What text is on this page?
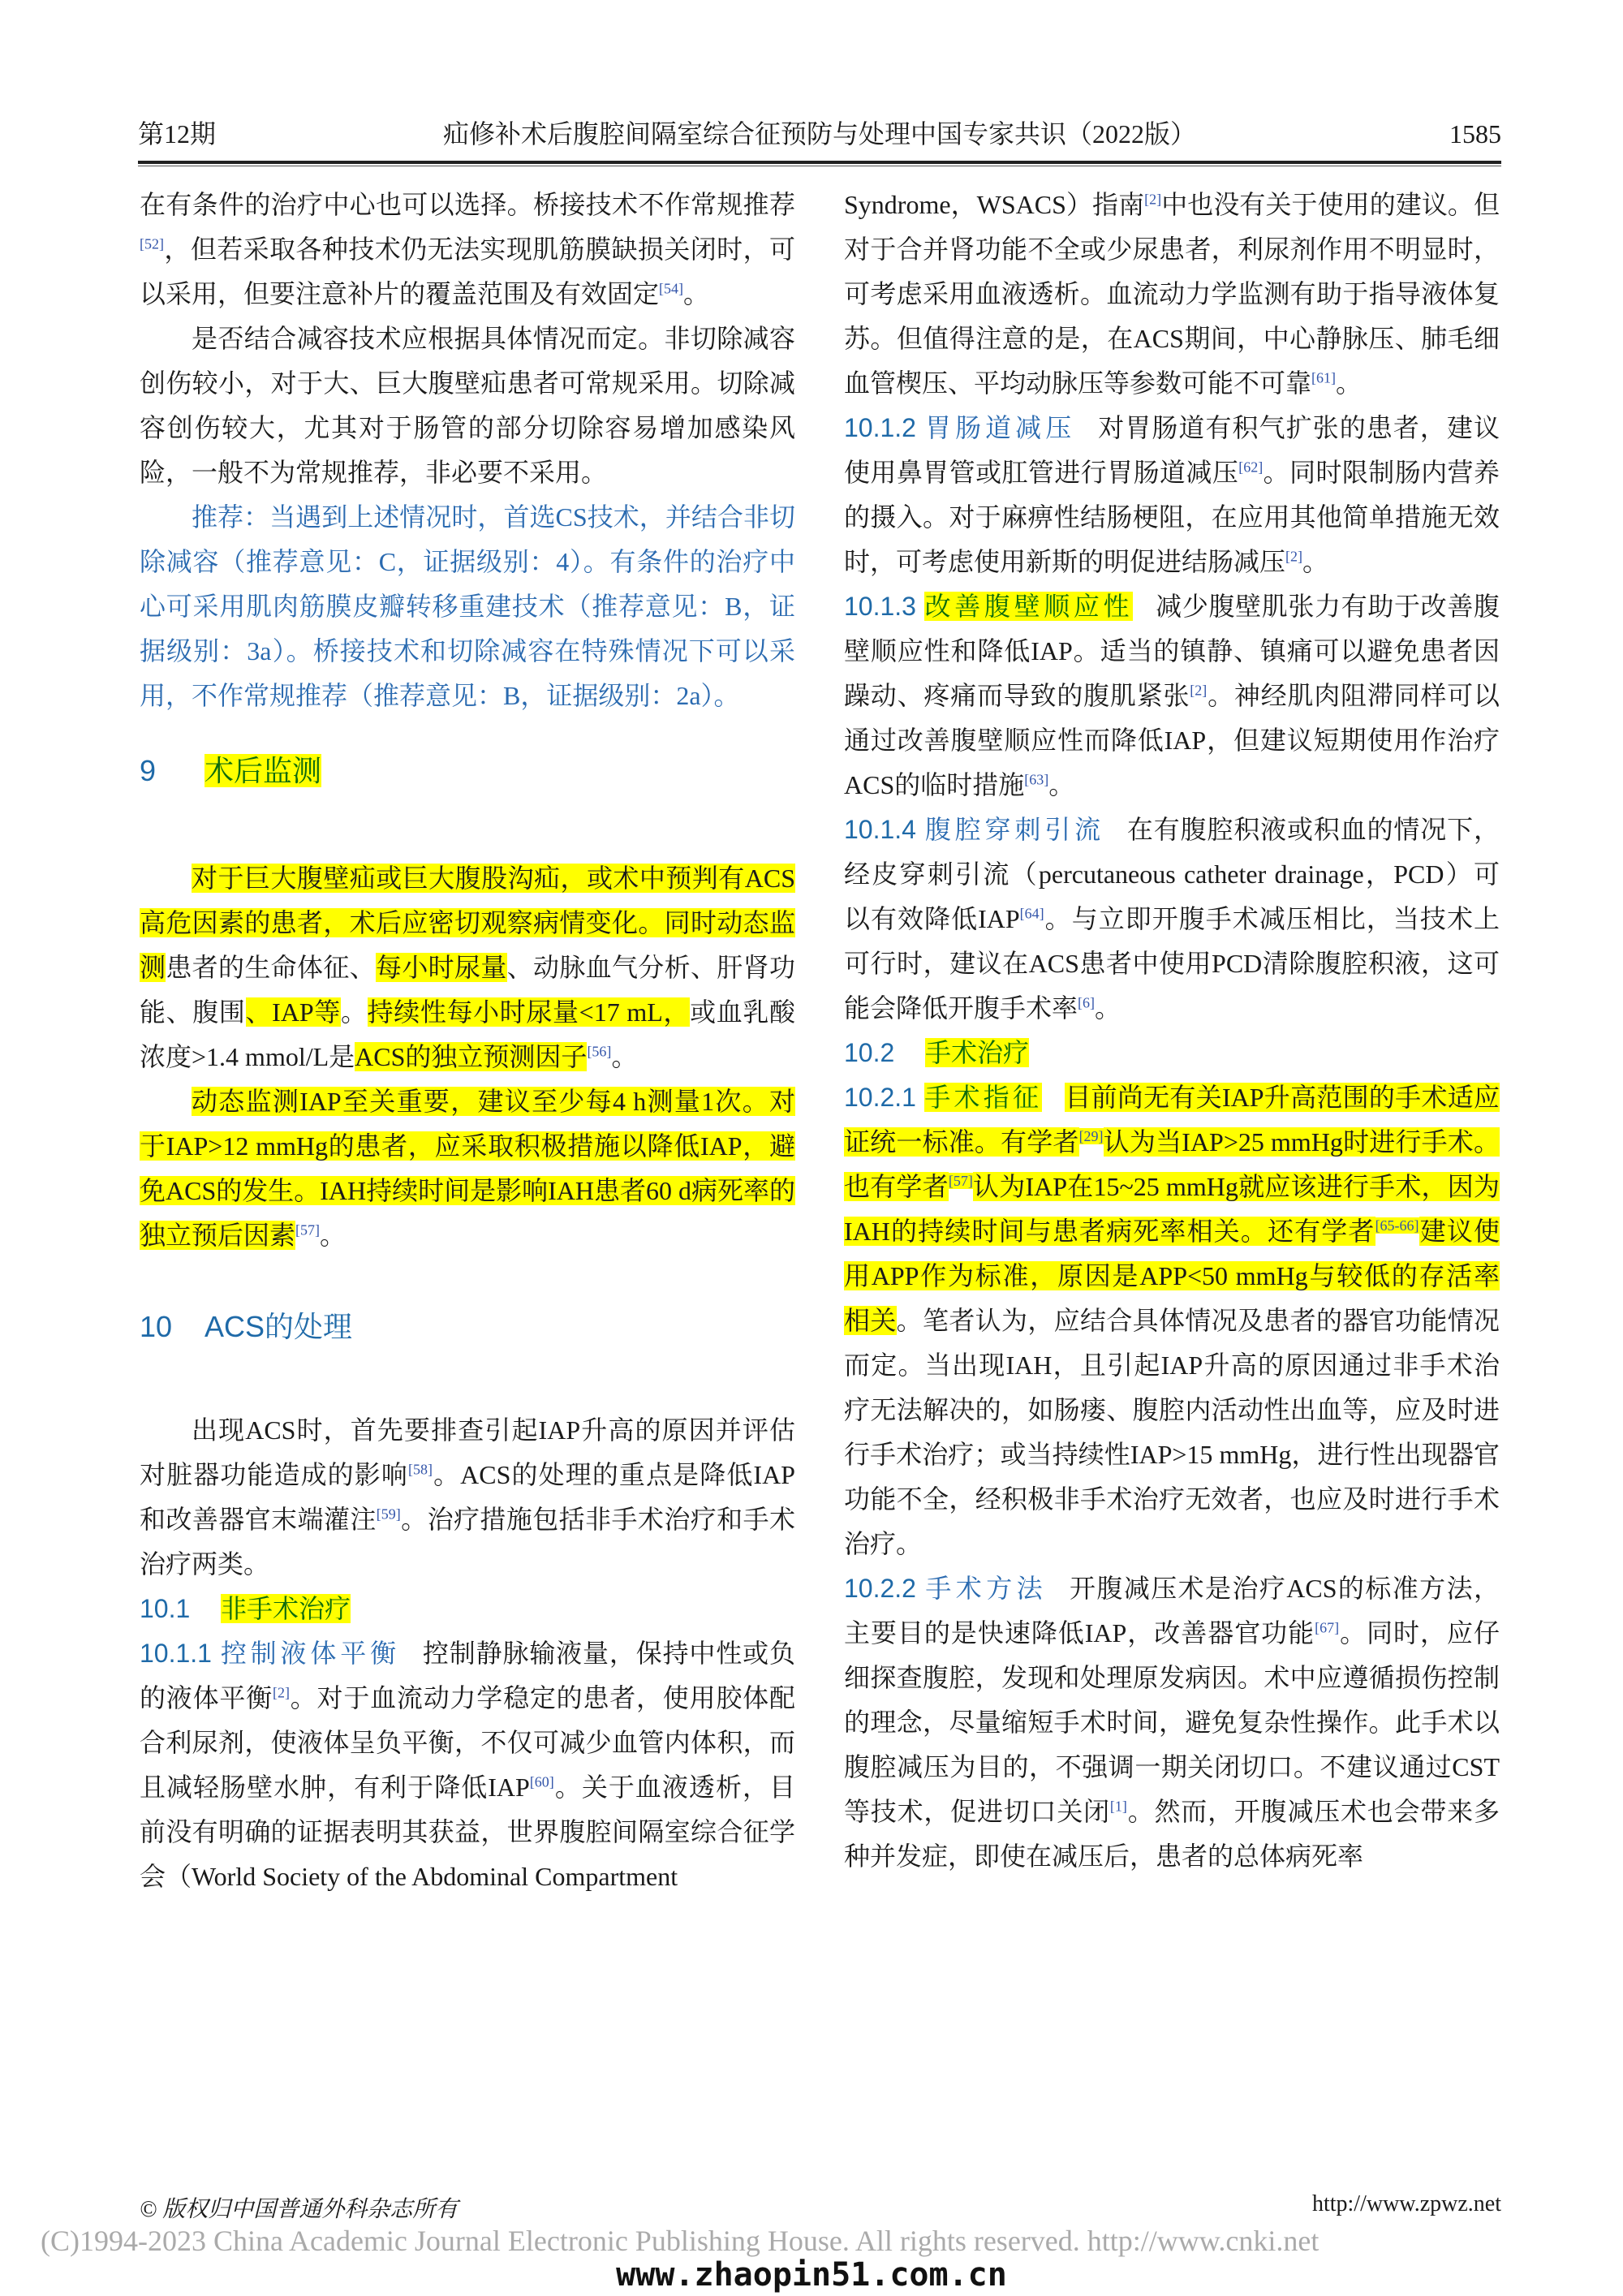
第12期	疝修补术后腹腔间隔室综合征预防与处理中国专家共识（2022版）	1585

在有条件的治疗中心也可以选择。桥接技术不作常规推荐[52]，但若采取各种技术仍无法实现肌筋膜缺损关闭时，可以采用，但要注意补片的覆盖范围及有效固定[54]。

是否结合减容技术应根据具体情况而定。非切除减容创伤较小，对于大、巨大腹壁疝患者可常规采用。切除减容创伤较大，尤其对于肠管的部分切除容易增加感染风险，一般不为常规推荐，非必要不采用。

推荐：当遇到上述情况时，首选CS技术，并结合非切除减容（推荐意见：C，证据级别：4）。有条件的治疗中心可采用肌肉筋膜皮瓣转移重建技术（推荐意见：B，证据级别：3a）。桥接技术和切除减容在特殊情况下可以采用，不作常规推荐（推荐意见：B，证据级别：2a）。

9 术后监测

对于巨大腹壁疝或巨大腹股沟疝，或术中预判有ACS高危因素的患者，术后应密切观察病情变化。同时动态监测患者的生命体征、每小时尿量、动脉血气分析、肝肾功能、腹围、IAP等。持续性每小时尿量<17 mL，或血乳酸浓度>1.4 mmol/L是ACS的独立预测因子[56]。

动态监测IAP至关重要，建议至少每4 h测量1次。对于IAP>12 mmHg的患者，应采取积极措施以降低IAP，避免ACS的发生。IAH持续时间是影响IAH患者60 d病死率的独立预后因素[57]。

10 ACS的处理

出现ACS时，首先要排查引起IAP升高的原因并评估对脏器功能造成的影响[58]。ACS的处理的重点是降低IAP和改善器官末端灌注[59]。治疗措施包括非手术治疗和手术治疗两类。

10.1 非手术治疗

10.1.1 控制液体平衡 控制静脉输液量，保持中性或负的液体平衡[2]。对于血流动力学稳定的患者，使用胶体配合利尿剂，使液体呈负平衡，不仅可减少血管内体积，而且减轻肠壁水肿，有利于降低IAP[60]。关于血液透析，目前没有明确的证据表明其获益，世界腹腔间隔室综合征学会（World Society of the Abdominal Compartment

Syndrome，WSACS）指南[2]中也没有关于使用的建议。但对于合并肾功能不全或少尿患者，利尿剂作用不明显时，可考虑采用血液透析。血流动力学监测有助于指导液体复苏。但值得注意的是，在ACS期间，中心静脉压、肺毛细血管楔压、平均动脉压等参数可能不可靠[61]。

10.1.2 胃肠道减压 对胃肠道有积气扩张的患者，建议使用鼻胃管或肛管进行胃肠道减压[62]。同时限制肠内营养的摄入。对于麻痹性结肠梗阻，在应用其他简单措施无效时，可考虑使用新斯的明促进结肠减压[2]。

10.1.3 改善腹壁顺应性 减少腹壁肌张力有助于改善腹壁顺应性和降低IAP。适当的镇静、镇痛可以避免患者因躁动、疼痛而导致的腹肌紧张[2]。神经肌肉阻滞同样可以通过改善腹壁顺应性而降低IAP，但建议短期使用作治疗ACS的临时措施[63]。

10.1.4 腹腔穿刺引流 在有腹腔积液或积血的情况下，经皮穿刺引流（percutaneous catheter drainage，PCD）可以有效降低IAP[64]。与立即开腹手术减压相比，当技术上可行时，建议在ACS患者中使用PCD清除腹腔积液，这可能会降低开腹手术率[6]。

10.2 手术治疗

10.2.1 手术指征 目前尚无有关IAP升高范围的手术适应证统一标准。有学者[29]认为当IAP>25 mmHg时进行手术。也有学者[57]认为IAP在15~25 mmHg就应该进行手术，因为IAH的持续时间与患者病死率相关。还有学者[65-66]建议使用APP作为标准，原因是APP<50 mmHg与较低的存活率相关。笔者认为，应结合具体情况及患者的器官功能情况而定。当出现IAH，且引起IAP升高的原因通过非手术治疗无法解决的，如肠瘘、腹腔内活动性出血等，应及时进行手术治疗；或当持续性IAP>15 mmHg，进行性出现器官功能不全，经积极非手术治疗无效者，也应及时进行手术治疗。

10.2.2 手术方法 开腹减压术是治疗ACS的标准方法，主要目的是快速降低IAP，改善器官功能[67]。同时，应仔细探查腹腔，发现和处理原发病因。术中应遵循损伤控制的理念，尽量缩短手术时间，避免复杂性操作。此手术以腹腔减压为目的，不强调一期关闭切口。不建议通过CST等技术，促进切口关闭[1]。然而，开腹减压术也会带来多种并发症，即使在减压后，患者的总体病死率

© 版权归中国普通外科杂志所有	http://www.zpwz.net
(C)1994-2023 China Academic Journal Electronic Publishing House. All rights reserved. http://www.cnki.net
www.zhaopin51.com.cn
